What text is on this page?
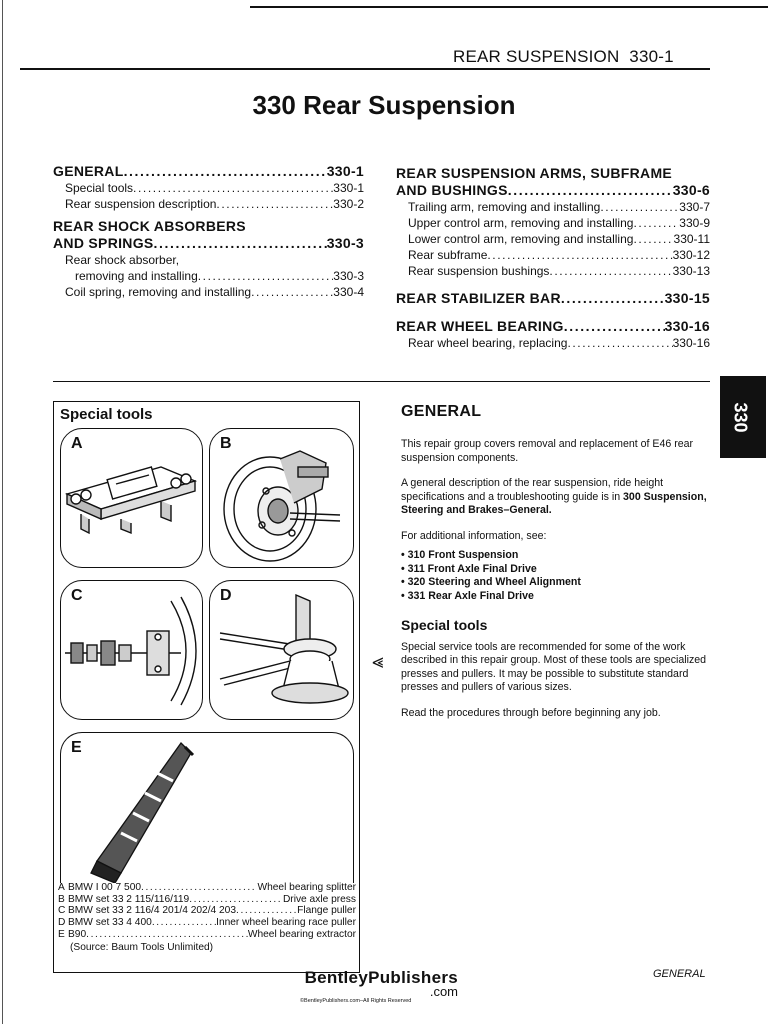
REAR SUSPENSION 330-1
330 Rear Suspension
GENERAL .....	330-1
Special tools .....	330-1
Rear suspension description .....	330-2
REAR SHOCK ABSORBERS
AND SPRINGS .....	330-3
Rear shock absorber,
removing and installing .....	330-3
Coil spring, removing and installing .....	330-4
REAR SUSPENSION ARMS, SUBFRAME
AND BUSHINGS .....	330-6
Trailing arm, removing and installing .....	330-7
Upper control arm, removing and installing .....	330-9
Lower control arm, removing and installing .....	330-11
Rear subframe .....	330-12
Rear suspension bushings .....	330-13
REAR STABILIZER BAR .....	330-15
REAR WHEEL BEARING .....	330-16
Rear wheel bearing, replacing .....	330-16
330
Special tools
A	B
C	D
E
A BMW I 00 7 500 .....	Wheel bearing splitter
B BMW set 33 2 115/116/119 .....	Drive axle press
C BMW set 33 2 116/4 201/4 202/4 203 .....	Flange puller
D BMW set 33 4 400 .....	Inner wheel bearing race puller
E B90 .....	Wheel bearing extractor
(Source: Baum Tools Unlimited)
GENERAL

This repair group covers removal and replacement of E46 rear suspension components.

A general description of the rear suspension, ride height specifications and a troubleshooting guide is in 300 Suspension, Steering and Brakes–General.

For additional information, see:

• 310 Front Suspension
• 311 Front Axle Final Drive
• 320 Steering and Wheel Alignment
• 331 Rear Axle Final Drive
Special tools

Special service tools are recommended for some of the work described in this repair group. Most of these tools are specialized presses and pullers. It may be possible to substitute standard presses and pullers of various sizes.

Read the procedures through before beginning any job.

⪡
BentleyPublishers
.com
©BentleyPublishers.com–All Rights Reserved
GENERAL
